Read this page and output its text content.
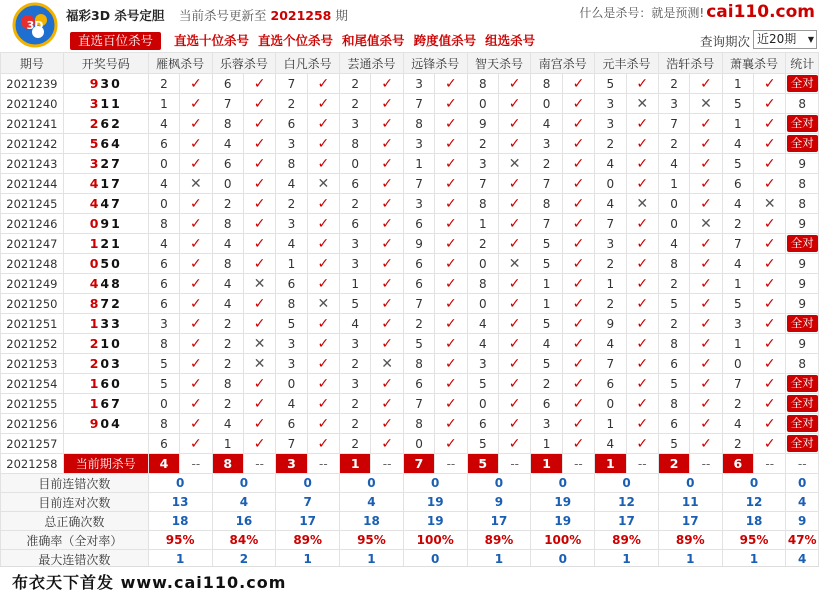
3D
福彩3D 杀号定胆 当前杀号更新至 2021258 期	什么是杀号：就是预测! cai110.com
直选百位杀号 直选十位杀号 直选个位杀号 和尾值杀号 跨度值杀号 组选杀号	查询期次 近20期 ▼
期号	开奖号码	雁枫杀号		乐蓉杀号		白凡杀号		芸通杀号		远锋杀号		智天杀号		南宫杀号		元丰杀号		浩轩杀号		萧襄杀号		统计
2021239	930	2	✓	6	✓	7	✓	2	✓	3	✓	8	✓	8	✓	5	✓	2	✓	1	✓	全对
2021240	311	1	✓	7	✓	2	✓	2	✓	7	✓	0	✓	0	✓	3	✕	3	✕	5	✓	8
2021241	262	4	✓	8	✓	6	✓	3	✓	8	✓	9	✓	4	✓	3	✓	7	✓	1	✓	全对
2021242	564	6	✓	4	✓	3	✓	8	✓	3	✓	2	✓	3	✓	2	✓	2	✓	4	✓	全对
2021243	327	0	✓	6	✓	8	✓	0	✓	1	✓	3	✕	2	✓	4	✓	4	✓	5	✓	9
2021244	417	4	✕	0	✓	4	✕	6	✓	7	✓	7	✓	7	✓	0	✓	1	✓	6	✓	8
2021245	447	0	✓	2	✓	2	✓	2	✓	3	✓	8	✓	8	✓	4	✕	0	✓	4	✕	8
2021246	091	8	✓	8	✓	3	✓	6	✓	6	✓	1	✓	7	✓	7	✓	0	✕	2	✓	9
2021247	121	4	✓	4	✓	4	✓	3	✓	9	✓	2	✓	5	✓	3	✓	4	✓	7	✓	全对
2021248	050	6	✓	8	✓	1	✓	3	✓	6	✓	0	✕	5	✓	2	✓	8	✓	4	✓	9
2021249	448	6	✓	4	✕	6	✓	1	✓	6	✓	8	✓	1	✓	1	✓	2	✓	1	✓	9
2021250	872	6	✓	4	✓	8	✕	5	✓	7	✓	0	✓	1	✓	2	✓	5	✓	5	✓	9
2021251	133	3	✓	2	✓	5	✓	4	✓	2	✓	4	✓	5	✓	9	✓	2	✓	3	✓	全对
2021252	210	8	✓	2	✕	3	✓	3	✓	5	✓	4	✓	4	✓	4	✓	8	✓	1	✓	9
2021253	203	5	✓	2	✕	3	✓	2	✕	8	✓	3	✓	5	✓	7	✓	6	✓	0	✓	8
2021254	160	5	✓	8	✓	0	✓	3	✓	6	✓	5	✓	2	✓	6	✓	5	✓	7	✓	全对
2021255	167	0	✓	2	✓	4	✓	2	✓	7	✓	0	✓	6	✓	0	✓	8	✓	2	✓	全对
2021256	904	8	✓	4	✓	6	✓	2	✓	8	✓	6	✓	3	✓	1	✓	6	✓	4	✓	全对
2021257		6	✓	1	✓	7	✓	2	✓	0	✓	5	✓	1	✓	4	✓	5	✓	2	✓	全对
2021258	当前期杀号	4	--	8	--	3	--	1	--	7	--	5	--	1	--	1	--	2	--	6	--	--
目前连错次数		0		0		0		0		0		0		0		0		0		0		0
目前连对次数		13		4		7		4		19		9		19		12		11		12		4
总正确次数		18		16		17		18		19		17		19		17		17		18		9
准确率（全对率）		95%		84%		89%		95%		100%		89%		100%		89%		89%		95%		47%
最大连错次数		1		2		1		1		0		1		0		1		1		1		4

布衣天下首发 www.cai110.com
